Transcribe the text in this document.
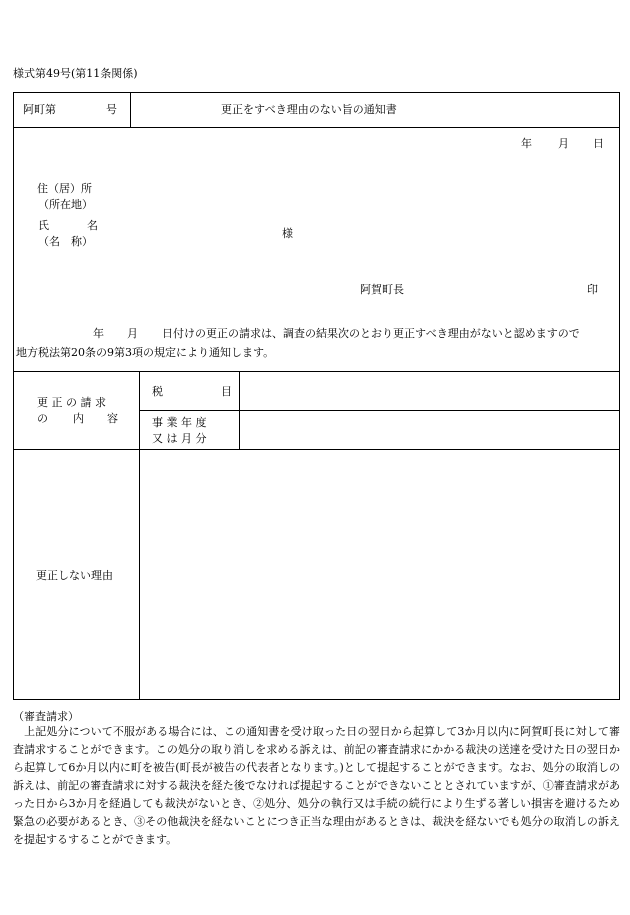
様式第49号(第11条関係)
阿町第	号	更正をすべき理由のない旨の通知書
年 月 日
住（居）所
（所在地）
氏	名
（名 称）
様
阿賀町長	印
年 月 日付けの更正の請求は、調査の結果次のとおり更正すべき理由がないと認めますので
地方税法第20条の9第3項の規定により通知します。
更 正 の 請 求
の 内 容
税	目
事 業 年 度
又 は 月 分
更正しない理由
（審査請求）
　上記処分について不服がある場合には、この通知書を受け取った日の翌日から起算して3か月以内に阿賀町長に対して審査請求することができます。この処分の取り消しを求める訴えは、前記の審査請求にかかる裁決の送達を受けた日の翌日から起算して6か月以内に町を被告(町長が被告の代表者となります。)として提起することができます。なお、処分の取消しの訴えは、前記の審査請求に対する裁決を経た後でなければ提起することができないこととされていますが、①審査請求があった日から3か月を経過しても裁決がないとき、②処分、処分の執行又は手続の続行により生ずる著しい損害を避けるため緊急の必要があるとき、③その他裁決を経ないことにつき正当な理由があるときは、裁決を経ないでも処分の取消しの訴えを提起するすることができます。
